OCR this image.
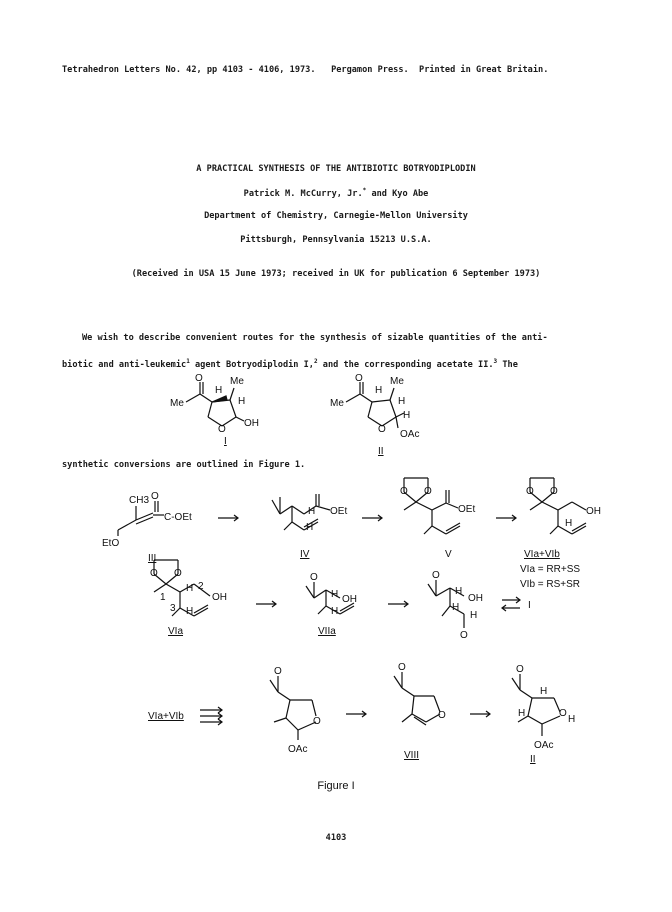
Tetrahedron Letters No. 42, pp 4103 - 4106, 1973. Pergamon Press. Printed in Great Britain.
A PRACTICAL SYNTHESIS OF THE ANTIBIOTIC BOTRYODIPLODIN
Patrick M. McCurry, Jr.* and Kyo Abe
Department of Chemistry, Carnegie-Mellon University
Pittsburgh, Pennsylvania 15213 U.S.A.
(Received in USA 15 June 1973; received in UK for publication 6 September 1973)
We wish to describe convenient routes for the synthesis of sizable quantities of the anti-
biotic and anti-leukemic$^1$ agent Botryodiplodin I,$^2$ and the corresponding acetate II.$^3$ The
Me
O	Me
H
H
O
OH
I
Me
O	Me
H
H
H
O OAc
II
synthetic conversions are outlined in Figure 1.
CH3 O
C-OEt
EtO
III
H
H
OEt
IV
O O
OEt
V
O O
OH
H
VIa+VIb
VIa = RR+SS
VIb = RS+SR
O O
H 2
1
3 H
OH
VIa
O
H OH
H
VIIa
O
H
OH
H
H
O
I
VIa+VIb
O
O
OAc
O
O
VIII
O
H
H	O
H
OAc
II
Figure I
4103
